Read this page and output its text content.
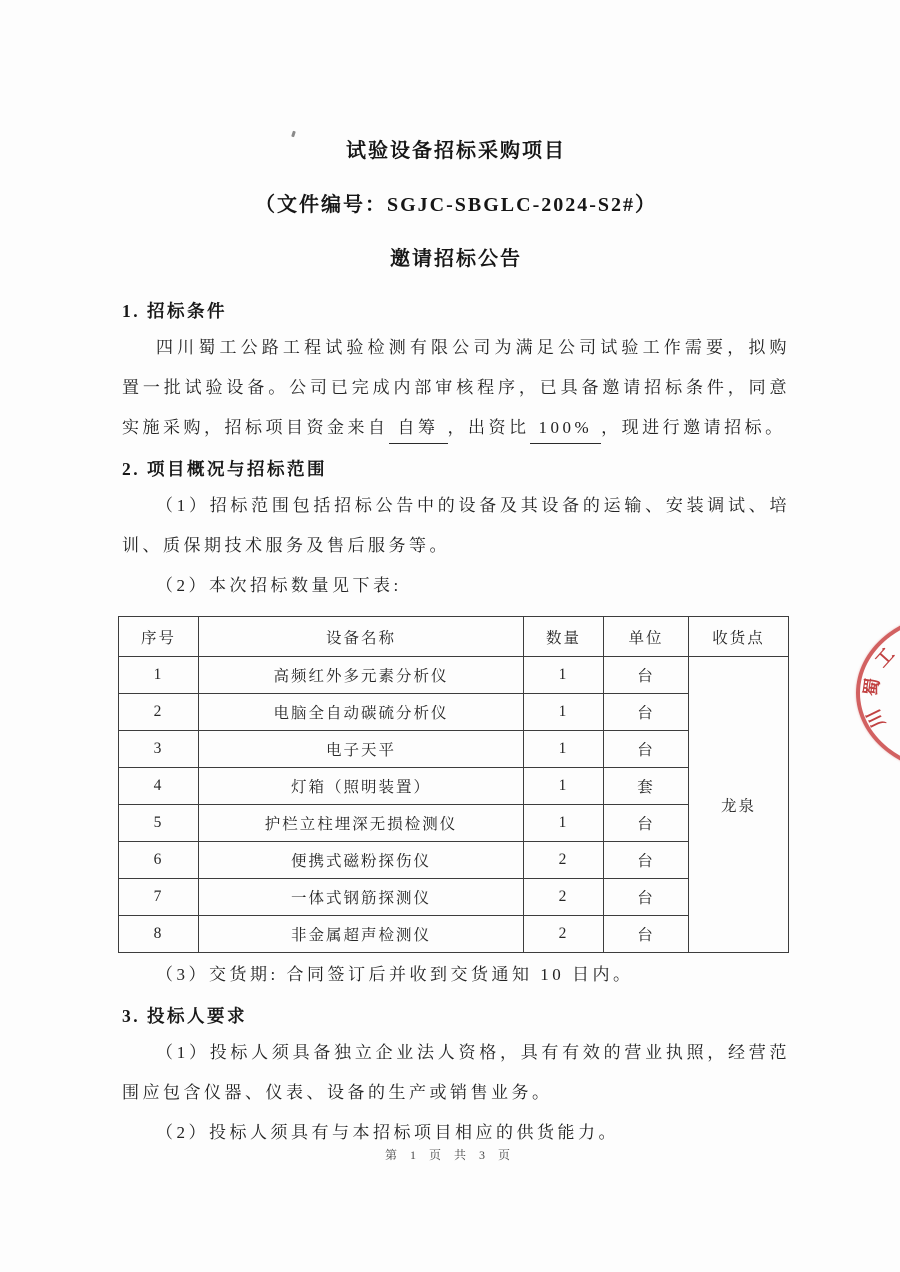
试验设备招标采购项目
（文件编号：SGJC-SBGLC-2024-S2#）
邀请招标公告
1. 招标条件

四川蜀工公路工程试验检测有限公司为满足公司试验工作需要，拟购置一批试验设备。公司已完成内部审核程序，已具备邀请招标条件，同意实施采购，招标项目资金来自 自筹 ，出资比 100% ，现进行邀请招标。

2. 项目概况与招标范围

（1）招标范围包括招标公告中的设备及其设备的运输、安装调试、培训、质保期技术服务及售后服务等。

（2）本次招标数量见下表:

序号	设备名称	数量	单位	收货点
1	高频红外多元素分析仪	1	台	龙泉
2	电脑全自动碳硫分析仪	1	台	
3	电子天平	1	台	
4	灯箱（照明装置）	1	套	
5	护栏立柱埋深无损检测仪	1	台	
6	便携式磁粉探伤仪	2	台	
7	一体式钢筋探测仪	2	台	
8	非金属超声检测仪	2	台	

（3）交货期: 合同签订后并收到交货通知 10 日内。

3. 投标人要求

（1）投标人须具备独立企业法人资格，具有有效的营业执照，经营范围应包含仪器、仪表、设备的生产或销售业务。

（2）投标人须具有与本招标项目相应的供货能力。

工
蜀
川
第 1 页 共 3 页
